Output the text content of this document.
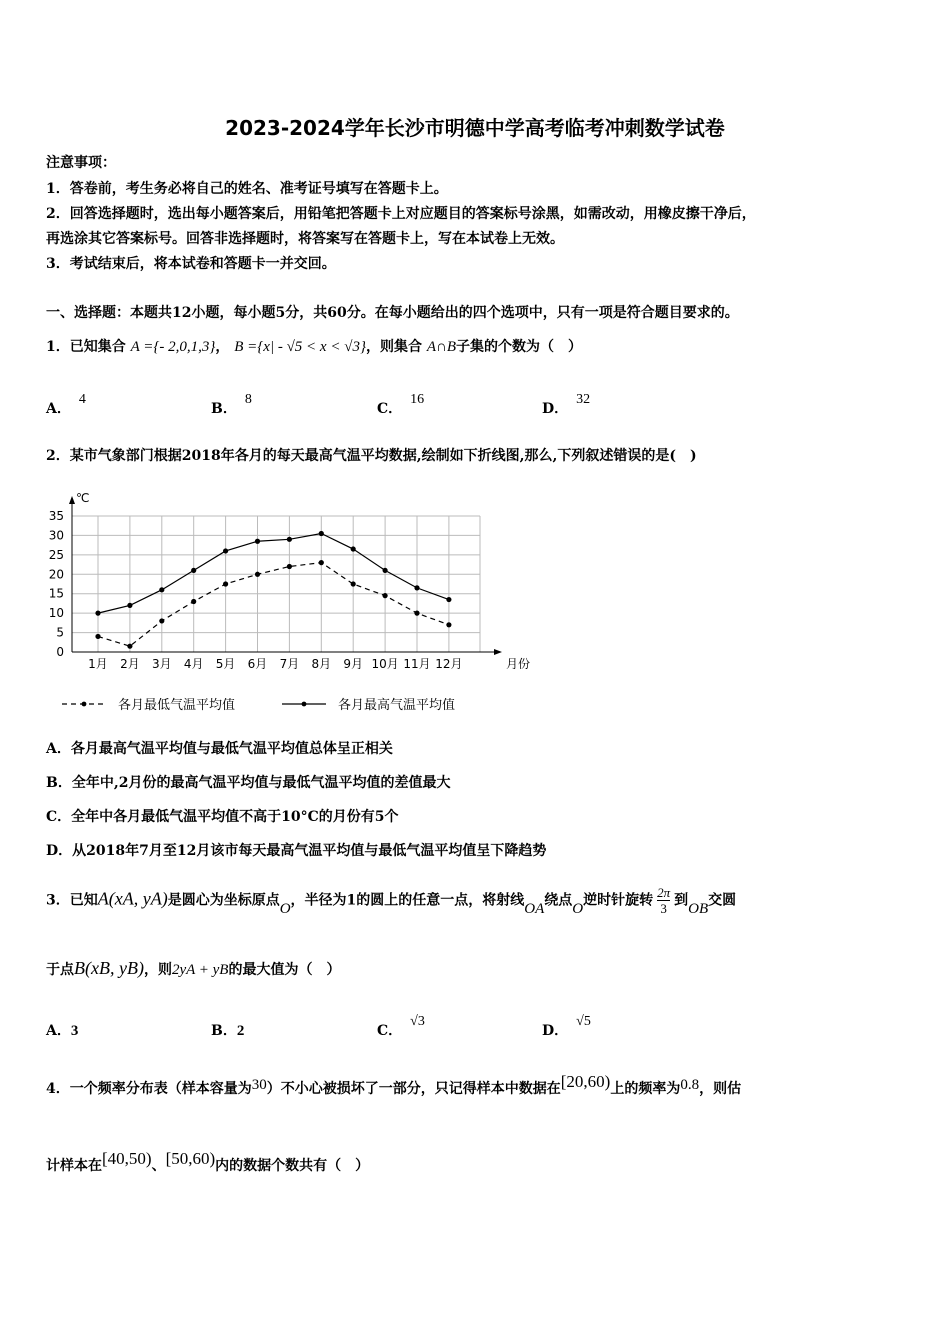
2023-2024学年长沙市明德中学高考临考冲刺数学试卷
注意事项：
1．答卷前，考生务必将自己的姓名、准考证号填写在答题卡上。
2．回答选择题时，选出每小题答案后，用铅笔把答题卡上对应题目的答案标号涂黑，如需改动，用橡皮擦干净后，
再选涂其它答案标号。回答非选择题时，将答案写在答题卡上，写在本试卷上无效。
3．考试结束后，将本试卷和答题卡一并交回。
一、选择题：本题共12小题，每小题5分，共60分。在每小题给出的四个选项中，只有一项是符合题目要求的。
1．已知集合 A ={- 2,0,1,3}， B ={x| - √5 < x < √3}，则集合 A∩B子集的个数为（　）
A．4
B．8
C．16
D．32
2．某市气象部门根据2018年各月的每天最高气温平均数据,绘制如下折线图,那么,下列叙述错误的是(　)
0
5
10
15
20
25
30
35
℃
1月 2月 3月 4月 5月 6月 7月 8月 9月 10月 11月 12月	月份
各月最低气温平均值	各月最高气温平均值
A．各月最高气温平均值与最低气温平均值总体呈正相关
B．全年中,2月份的最高气温平均值与最低气温平均值的差值最大
C．全年中各月最低气温平均值不高于10°C的月份有5个
D．从2018年7月至12月该市每天最高气温平均值与最低气温平均值呈下降趋势
3．已知A(xA, yA)是圆心为坐标原点O，半径为1的圆上的任意一点，将射线OA绕点O逆时针旋转 $\frac{2\pi}{3}$ 到OB交圆
于点B(xB, yB)，则2yA + yB的最大值为（　）
A．3	B．2	C．√3
D．√5
4．一个频率分布表（样本容量为30）不小心被损坏了一部分，只记得样本中数据在[20,60)上的频率为0.8，则估
计样本在[40,50)、[50,60)内的数据个数共有（　）
